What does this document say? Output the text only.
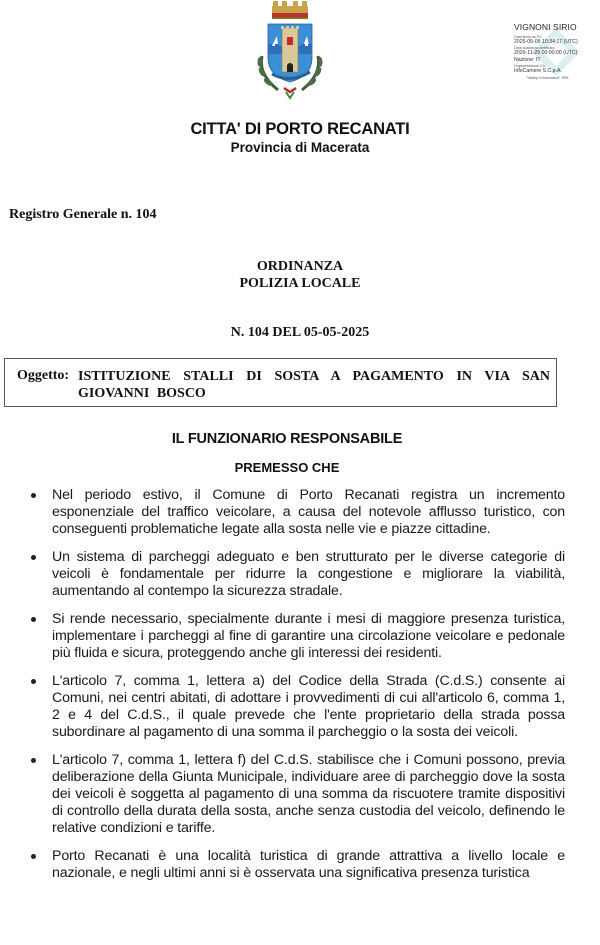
VIGNONI SIRIO
Data firma da PC:
2025-05-05 10:34:17 (UTC)
Data scadenza certificato:
2026-11-29 00:00:00 (UTC)
Nazione: IT
Organizzazione CA:
InfoCamere S.C.p.A.
"Valley Informatica" SRL
CITTA' DI PORTO RECANATI
Provincia di Macerata
Registro Generale n. 104
ORDINANZA
POLIZIA LOCALE
N. 104 DEL 05-05-2025
Oggetto: ISTITUZIONE STALLI DI SOSTA A PAGAMENTO IN VIA SAN GIOVANNI BOSCO
IL FUNZIONARIO RESPONSABILE
PREMESSO CHE
Nel periodo estivo, il Comune di Porto Recanati registra un incremento esponenziale del traffico veicolare, a causa del notevole afflusso turistico, con conseguenti problematiche legate alla sosta nelle vie e piazze cittadine.
Un sistema di parcheggi adeguato e ben strutturato per le diverse categorie di veicoli è fondamentale per ridurre la congestione e migliorare la viabilità, aumentando al contempo la sicurezza stradale.
Si rende necessario, specialmente durante i mesi di maggiore presenza turistica, implementare i parcheggi al fine di garantire una circolazione veicolare e pedonale più fluida e sicura, proteggendo anche gli interessi dei residenti.
L'articolo 7, comma 1, lettera a) del Codice della Strada (C.d.S.) consente ai Comuni, nei centri abitati, di adottare i provvedimenti di cui all'articolo 6, comma 1, 2 e 4 del C.d.S., il quale prevede che l'ente proprietario della strada possa subordinare al pagamento di una somma il parcheggio o la sosta dei veicoli.
L'articolo 7, comma 1, lettera f) del C.d.S. stabilisce che i Comuni possono, previa deliberazione della Giunta Municipale, individuare aree di parcheggio dove la sosta dei veicoli è soggetta al pagamento di una somma da riscuotere tramite dispositivi di controllo della durata della sosta, anche senza custodia del veicolo, definendo le relative condizioni e tariffe.
Porto Recanati è una località turistica di grande attrattiva a livello locale e nazionale, e negli ultimi anni si è osservata una significativa presenza turistica
